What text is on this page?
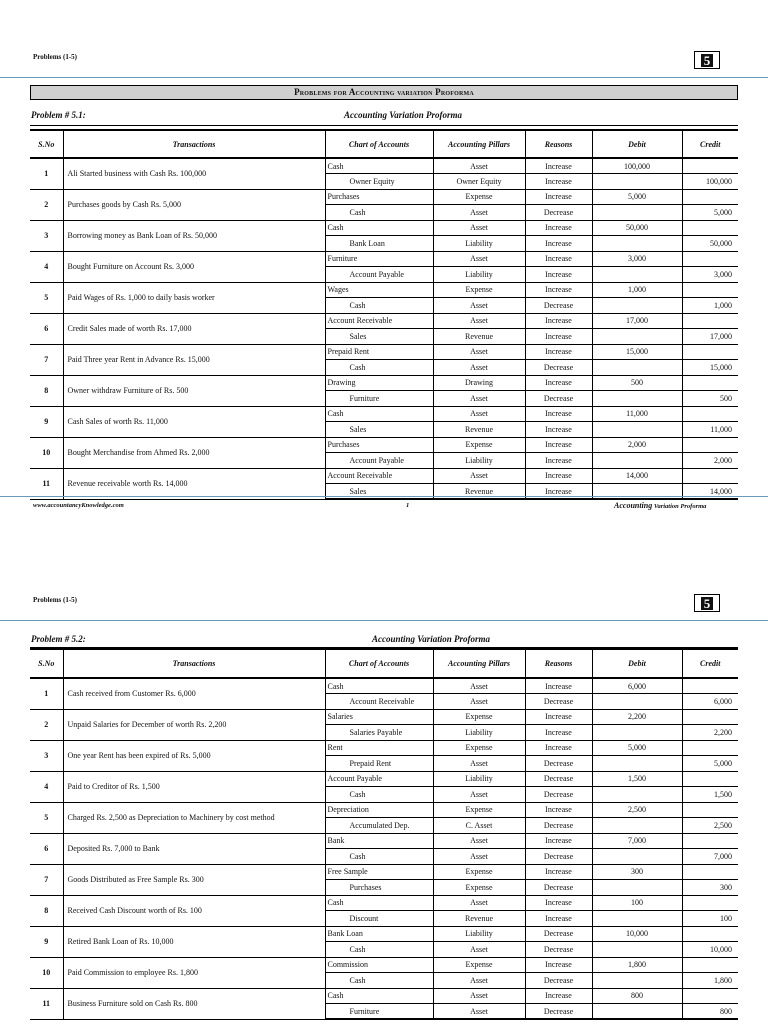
Problems (1-5)	5
Problems for Accounting variation Proforma
Problem # 5.1:	Accounting Variation Proforma
S.No	Transactions	Chart of Accounts	Accounting Pillars	Reasons	Debit	Credit
1	Ali Started business with Cash Rs. 100,000	Cash	Asset	Increase	100,000	
		Owner Equity	Owner Equity	Increase		100,000
2	Purchases goods by Cash Rs. 5,000	Purchases	Expense	Increase	5,000	
		Cash	Asset	Decrease		5,000
3	Borrowing money as Bank Loan of Rs. 50,000	Cash	Asset	Increase	50,000	
		Bank Loan	Liability	Increase		50,000
4	Bought Furniture on Account Rs. 3,000	Furniture	Asset	Increase	3,000	
		Account Payable	Liability	Increase		3,000
5	Paid Wages of Rs. 1,000 to daily basis worker	Wages	Expense	Increase	1,000	
		Cash	Asset	Decrease		1,000
6	Credit Sales made of worth Rs. 17,000	Account Receivable	Asset	Increase	17,000	
		Sales	Revenue	Increase		17,000
7	Paid Three year Rent in Advance Rs. 15,000	Prepaid Rent	Asset	Increase	15,000	
		Cash	Asset	Decrease		15,000
8	Owner withdraw Furniture of Rs. 500	Drawing	Drawing	Increase	500	
		Furniture	Asset	Decrease		500
9	Cash Sales of worth Rs. 11,000	Cash	Asset	Increase	11,000	
		Sales	Revenue	Increase		11,000
10	Bought Merchandise from Ahmed Rs. 2,000	Purchases	Expense	Increase	2,000	
		Account Payable	Liability	Increase		2,000
11	Revenue receivable worth Rs. 14,000	Account Receivable	Asset	Increase	14,000	
		Sales	Revenue	Increase		14,000
www.accountancyKnowledge.com	1	Accounting Variation Proforma
Problems (1-5)	5
Problem # 5.2:	Accounting Variation Proforma
S.No	Transactions	Chart of Accounts	Accounting Pillars	Reasons	Debit	Credit
1	Cash received from Customer Rs. 6,000	Cash	Asset	Increase	6,000	
		Account Receivable	Asset	Decrease		6,000
2	Unpaid Salaries for December of worth Rs. 2,200	Salaries	Expense	Increase	2,200	
		Salaries Payable	Liability	Increase		2,200
3	One year Rent has been expired of Rs. 5,000	Rent	Expense	Increase	5,000	
		Prepaid Rent	Asset	Decrease		5,000
4	Paid to Creditor of Rs. 1,500	Account Payable	Liability	Decrease	1,500	
		Cash	Asset	Decrease		1,500
5	Charged Rs. 2,500 as Depreciation to Machinery by cost method	Depreciation	Expense	Increase	2,500	
		Accumulated Dep.	C. Asset	Decrease		2,500
6	Deposited Rs. 7,000 to Bank	Bank	Asset	Increase	7,000	
		Cash	Asset	Decrease		7,000
7	Goods Distributed as Free Sample Rs. 300	Free Sample	Expense	Increase	300	
		Purchases	Expense	Decrease		300
8	Received Cash Discount worth of Rs. 100	Cash	Asset	Increase	100	
		Discount	Revenue	Increase		100
9	Retired Bank Loan of Rs. 10,000	Bank Loan	Liability	Decrease	10,000	
		Cash	Asset	Decrease		10,000
10	Paid Commission to employee Rs. 1,800	Commission	Expense	Increase	1,800	
		Cash	Asset	Decrease		1,800
11	Business Furniture sold on Cash Rs. 800	Cash	Asset	Increase	800	
		Furniture	Asset	Decrease		800
